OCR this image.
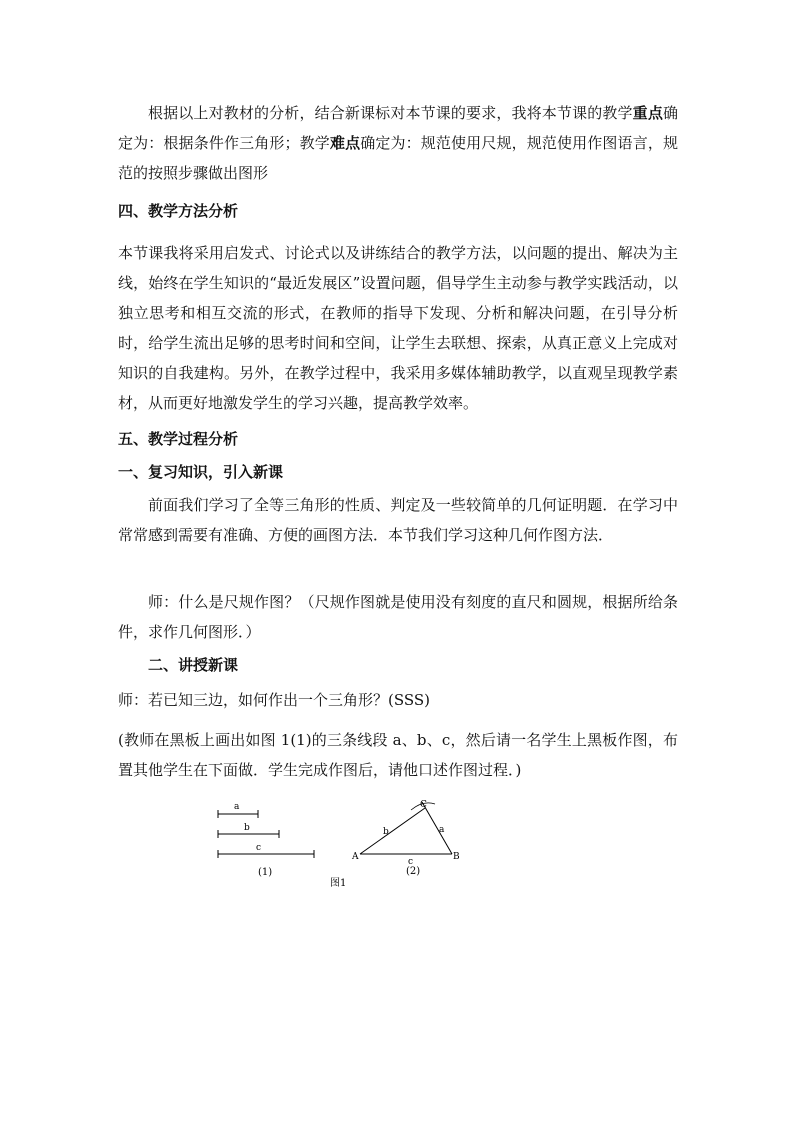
根据以上对教材的分析，结合新课标对本节课的要求，我将本节课的教学重点确定为：根据条件作三角形；教学难点确定为：规范使用尺规，规范使用作图语言，规范的按照步骤做出图形

四、教学方法分析

本节课我将采用启发式、讨论式以及讲练结合的教学方法，以问题的提出、解决为主线，始终在学生知识的“最近发展区”设置问题，倡导学生主动参与教学实践活动，以独立思考和相互交流的形式，在教师的指导下发现、分析和解决问题，在引导分析时，给学生流出足够的思考时间和空间，让学生去联想、探索，从真正意义上完成对知识的自我建构。另外，在教学过程中，我采用多媒体辅助教学，以直观呈现教学素材，从而更好地激发学生的学习兴趣，提高教学效率。

五、教学过程分析

一、复习知识，引入新课

前面我们学习了全等三角形的性质、判定及一些较简单的几何证明题．在学习中常常感到需要有准确、方便的画图方法．本节我们学习这种几何作图方法．

师：什么是尺规作图？（尺规作图就是使用没有刻度的直尺和圆规，根据所给条件，求作几何图形．）

二、讲授新课

师：若已知三边，如何作出一个三角形？(SSS)

(教师在黑板上画出如图 1(1)的三条线段 a、b、c，然后请一名学生上黑板作图，布置其他学生在下面做．学生完成作图后，请他口述作图过程．)

a
b
c
(1)
A	B
C
a
b
c
(2)
图1
